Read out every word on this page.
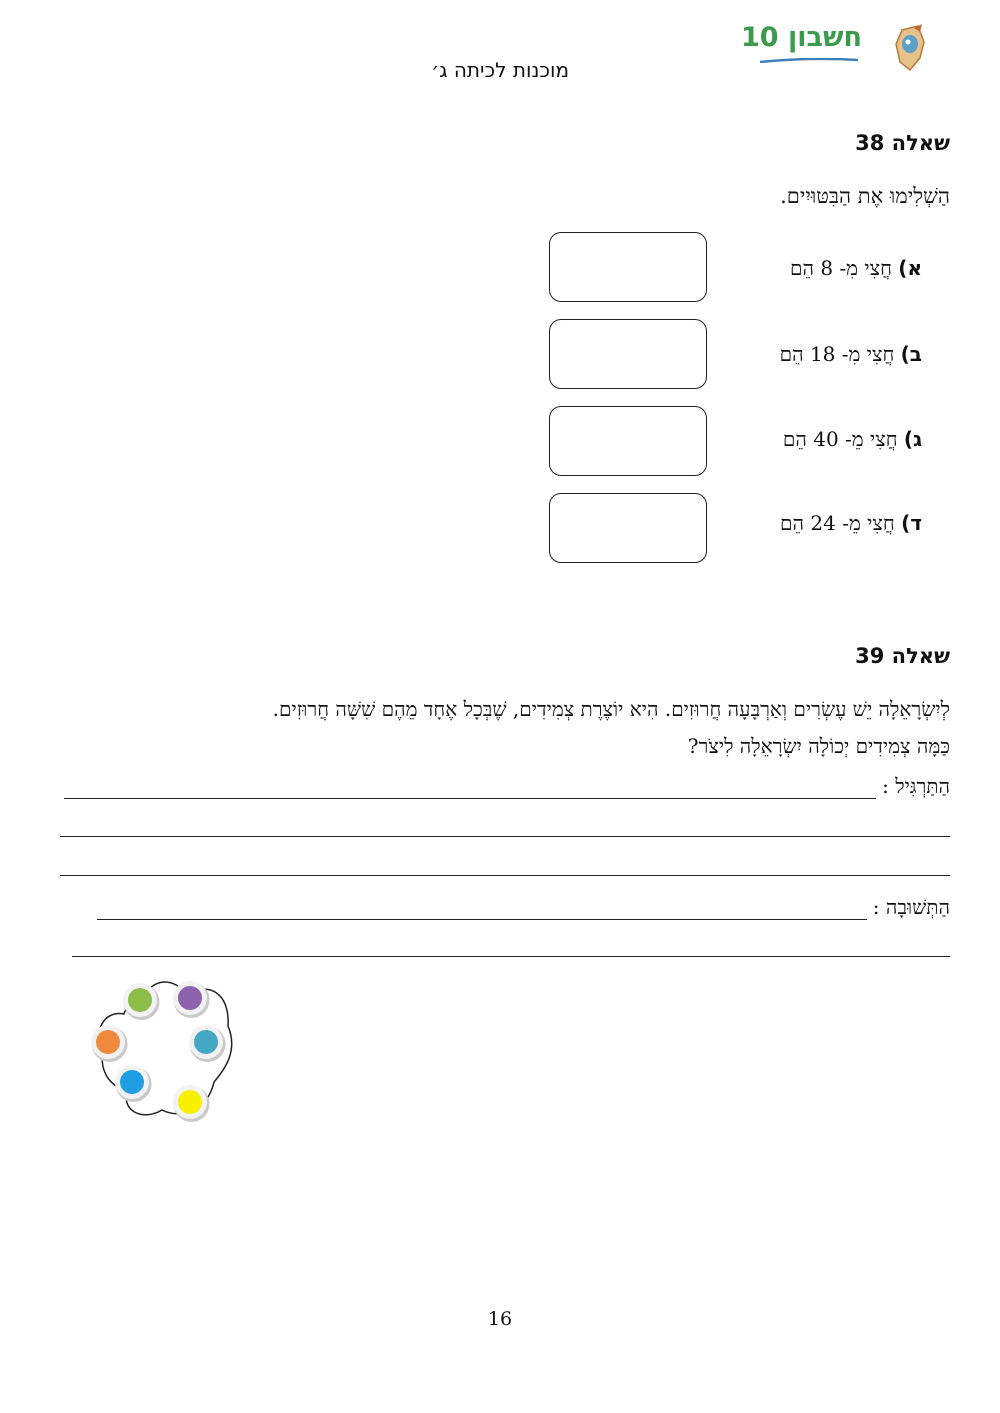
מוכנות לכיתה ג׳
חשבון 10
שאלה 38
הַשְׁלִימוּ אֶת הַבִּטּוּיִים.
א) חֲצִי מִ- 8 הֵם
ב) חֲצִי מִ- 18 הֵם
ג) חֲצִי מֵ- 40 הֵם
ד) חֲצִי מֵ- 24 הֵם
שאלה 39
לְיִשְׂרָאֵלָה יֵשׁ עֶשְׂרִים וְאַרְבָּעָה חֲרוּזִים. הִיא יוֹצֶרֶת צְמִידִים, שֶׁבְּכָל אֶחָד מֵהֶם שִׁשָּׁה חֲרוּזִים.
כַּמָּה צְמִידִים יְכוֹלָה יִשְׂרָאֵלָה לִיצֹר?
הַתַּרְגִּיל :
הַתְּשׁוּבָה :
16
